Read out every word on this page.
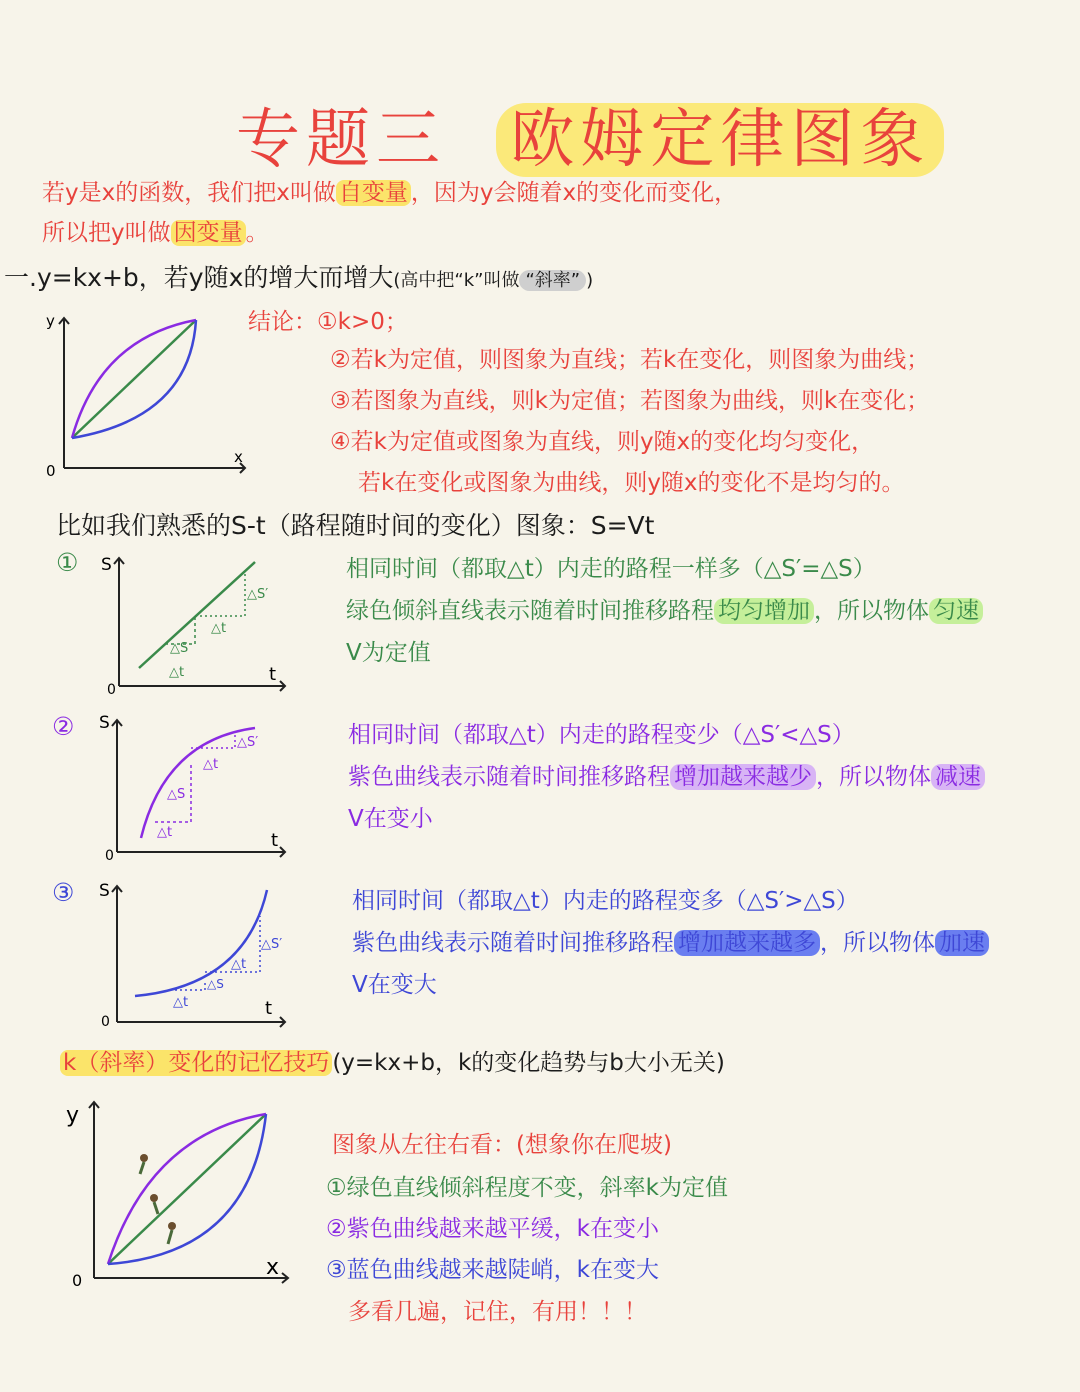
专题三 欧姆定律图象
若y是x的函数，我们把x叫做 自变量 ，因为y会随着x的变化而变化，
所以把y叫做 因变量 。
一.y=kx+b，若y随x的增大而增大(高中把“k”叫做 “斜率” )
y
0
x
结论：①k>0；
②若k为定值，则图象为直线；若k在变化，则图象为曲线；
③若图象为直线，则k为定值；若图象为曲线，则k在变化；
④若k为定值或图象为直线，则y随x的变化均匀变化，
若k在变化或图象为曲线，则y随x的变化不是均匀的。
比如我们熟悉的S-t（路程随时间的变化）图象：S=Vt
①
△t
△S
△t
△S′
S
0
t
相同时间（都取△t）内走的路程一样多（△S′=△S）
绿色倾斜直线表示随着时间推移路程 均匀增加 ，所以物体 匀速
V为定值
②
△t
△S
△t
△S′
S
0
t
相同时间（都取△t）内走的路程变少（△S′<△S）
紫色曲线表示随着时间推移路程 增加越来越少 ，所以物体 减速
V在变小
③
△t
△S
△t
△S′
S
0
t
相同时间（都取△t）内走的路程变多（△S′>△S）
紫色曲线表示随着时间推移路程 增加越来越多 ，所以物体 加速
V在变大
k（斜率）变化的记忆技巧 (y=kx+b，k的变化趋势与b大小无关)
y
0
x
图象从左往右看：(想象你在爬坡)
①绿色直线倾斜程度不变，斜率k为定值
②紫色曲线越来越平缓，k在变小
③蓝色曲线越来越陡峭，k在变大
多看几遍，记住，有用！！！
